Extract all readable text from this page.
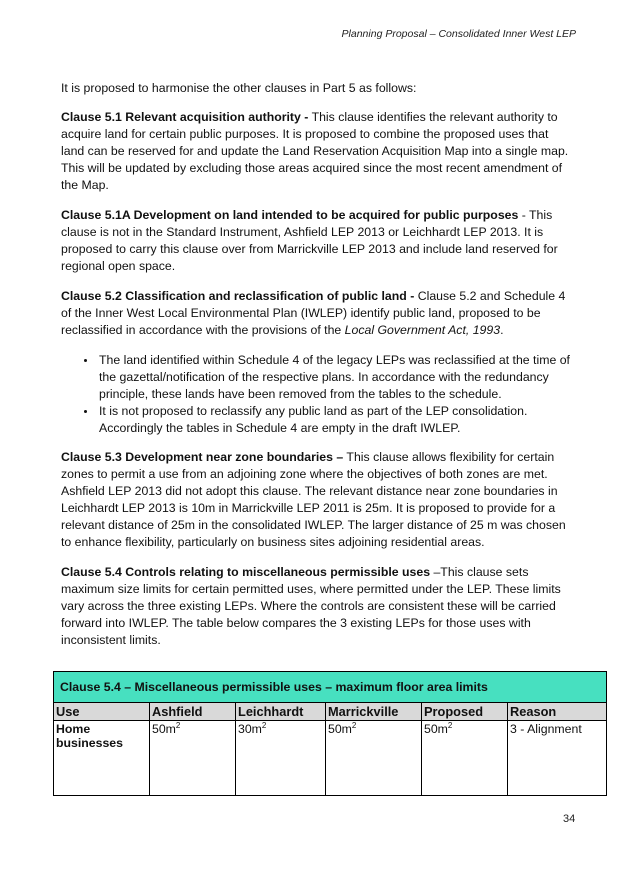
Planning Proposal – Consolidated Inner West LEP

It is proposed to harmonise the other clauses in Part 5 as follows:

Clause 5.1 Relevant acquisition authority - This clause identifies the relevant authority to acquire land for certain public purposes. It is proposed to combine the proposed uses that land can be reserved for and update the Land Reservation Acquisition Map into a single map. This will be updated by excluding those areas acquired since the most recent amendment of the Map.

Clause 5.1A Development on land intended to be acquired for public purposes - This clause is not in the Standard Instrument, Ashfield LEP 2013 or Leichhardt LEP 2013. It is proposed to carry this clause over from Marrickville LEP 2013 and include land reserved for regional open space.

Clause 5.2 Classification and reclassification of public land - Clause 5.2 and Schedule 4 of the Inner West Local Environmental Plan (IWLEP) identify public land, proposed to be reclassified in accordance with the provisions of the Local Government Act, 1993.

• The land identified within Schedule 4 of the legacy LEPs was reclassified at the time of the gazettal/notification of the respective plans. In accordance with the redundancy principle, these lands have been removed from the tables to the schedule.
• It is not proposed to reclassify any public land as part of the LEP consolidation. Accordingly the tables in Schedule 4 are empty in the draft IWLEP.

Clause 5.3 Development near zone boundaries – This clause allows flexibility for certain zones to permit a use from an adjoining zone where the objectives of both zones are met. Ashfield LEP 2013 did not adopt this clause. The relevant distance near zone boundaries in Leichhardt LEP 2013 is 10m in Marrickville LEP 2011 is 25m. It is proposed to provide for a relevant distance of 25m in the consolidated IWLEP. The larger distance of 25 m was chosen to enhance flexibility, particularly on business sites adjoining residential areas.

Clause 5.4 Controls relating to miscellaneous permissible uses –This clause sets maximum size limits for certain permitted uses, where permitted under the LEP. These limits vary across the three existing LEPs. Where the controls are consistent these will be carried forward into IWLEP. The table below compares the 3 existing LEPs for those uses with inconsistent limits.

Clause 5.4 – Miscellaneous permissible uses – maximum floor area limits					
Use	Ashfield	Leichhardt	Marrickville	Proposed	Reason
Home businesses	$50m^2$	$30m^2$	$50m^2$	$50m^2$	3 - Alignment
34
